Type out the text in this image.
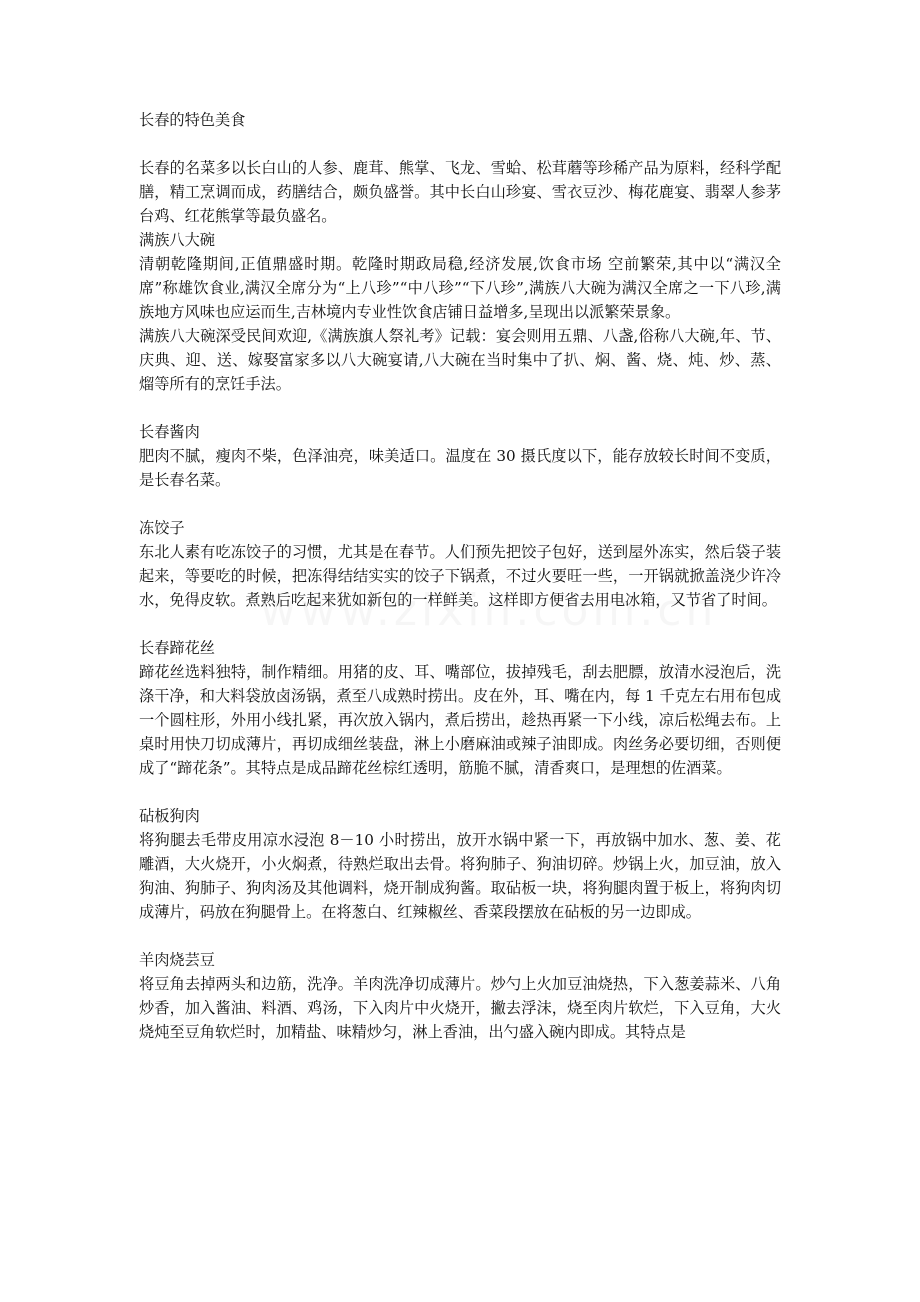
长春的特色美食

长春的名菜多以长白山的人参、鹿茸、熊掌、飞龙、雪蛤、松茸蘑等珍稀产品为原料，经科学配膳，精工烹调而成，药膳结合，颇负盛誉。其中长白山珍宴、雪衣豆沙、梅花鹿宴、翡翠人参茅台鸡、红花熊掌等最负盛名。

满族八大碗

清朝乾隆期间,正值鼎盛时期。乾隆时期政局稳,经济发展,饮食市场 空前繁荣,其中以“满汉全席”称雄饮食业,满汉全席分为“上八珍”“中八珍”“下八珍”,满族八大碗为满汉全席之一下八珍,满族地方风味也应运而生,吉林境内专业性饮食店铺日益增多,呈现出以派繁荣景象。

满族八大碗深受民间欢迎,《满族旗人祭礼考》记载：宴会则用五鼎、八盏,俗称八大碗,年、节、庆典、迎、送、嫁娶富家多以八大碗宴请,八大碗在当时集中了扒、焖、酱、烧、炖、炒、蒸、熘等所有的烹饪手法。

长春酱肉

肥肉不腻，瘦肉不柴，色泽油亮，味美适口。温度在 30 摄氏度以下，能存放较长时间不变质，是长春名菜。

冻饺子

东北人素有吃冻饺子的习惯，尤其是在春节。人们预先把饺子包好，送到屋外冻实，然后袋子装起来，等要吃的时候，把冻得结结实实的饺子下锅煮，不过火要旺一些，一开锅就掀盖浇少许冷水，免得皮软。煮熟后吃起来犹如新包的一样鲜美。这样即方便省去用电冰箱，又节省了时间。

长春蹄花丝

蹄花丝选料独特，制作精细。用猪的皮、耳、嘴部位，拔掉残毛，刮去肥膘，放清水浸泡后，洗涤干净，和大料袋放卤汤锅，煮至八成熟时捞出。皮在外，耳、嘴在内，每 1 千克左右用布包成一个圆柱形，外用小线扎紧，再次放入锅内，煮后捞出，趁热再紧一下小线，凉后松绳去布。上桌时用快刀切成薄片，再切成细丝装盘，淋上小磨麻油或辣子油即成。肉丝务必要切细，否则便成了“蹄花条”。其特点是成品蹄花丝棕红透明，筋脆不腻，清香爽口，是理想的佐酒菜。

砧板狗肉

将狗腿去毛带皮用凉水浸泡 8－10 小时捞出，放开水锅中紧一下，再放锅中加水、葱、姜、花雕酒，大火烧开，小火焖煮，待熟烂取出去骨。将狗肺子、狗油切碎。炒锅上火，加豆油，放入狗油、狗肺子、狗肉汤及其他调料，烧开制成狗酱。取砧板一块，将狗腿肉置于板上，将狗肉切成薄片，码放在狗腿骨上。在将葱白、红辣椒丝、香菜段摆放在砧板的另一边即成。

羊肉烧芸豆

将豆角去掉两头和边筋，洗净。羊肉洗净切成薄片。炒勺上火加豆油烧热，下入葱姜蒜米、八角炒香，加入酱油、料酒、鸡汤，下入肉片中火烧开，撇去浮沫，烧至肉片软烂，下入豆角，大火烧炖至豆角软烂时，加精盐、味精炒匀，淋上香油，出勺盛入碗内即成。其特点是
